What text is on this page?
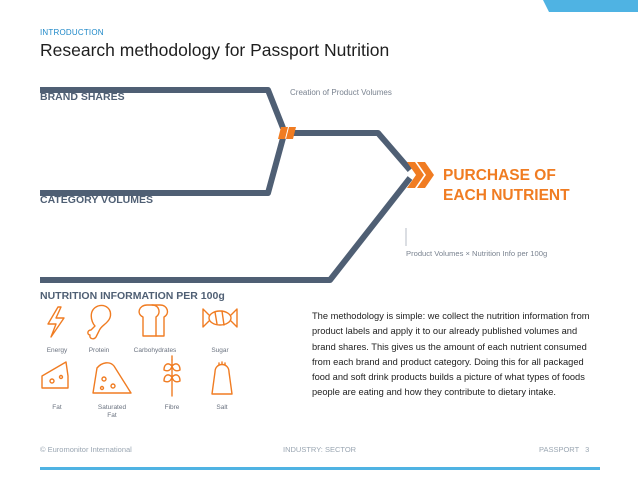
INTRODUCTION
Research methodology for Passport Nutrition
BRAND SHARES
CATEGORY VOLUMES
NUTRITION INFORMATION PER 100g
Creation of Product Volumes
PURCHASE OF
EACH NUTRIENT
Product Volumes × Nutrition Info per 100g
Energy	Protein	Carbohydrates	Sugar
Fat	Saturated
Fat
Fibre	Salt
The methodology is simple: we collect the nutrition information from product labels and apply it to our already published volumes and brand shares. This gives us the amount of each nutrient consumed from each brand and product category. Doing this for all packaged food and soft drink products builds a picture of what types of foods people are eating and how they contribute to dietary intake.
© Euromonitor International	INDUSTRY: SECTOR	PASSPORT 3
